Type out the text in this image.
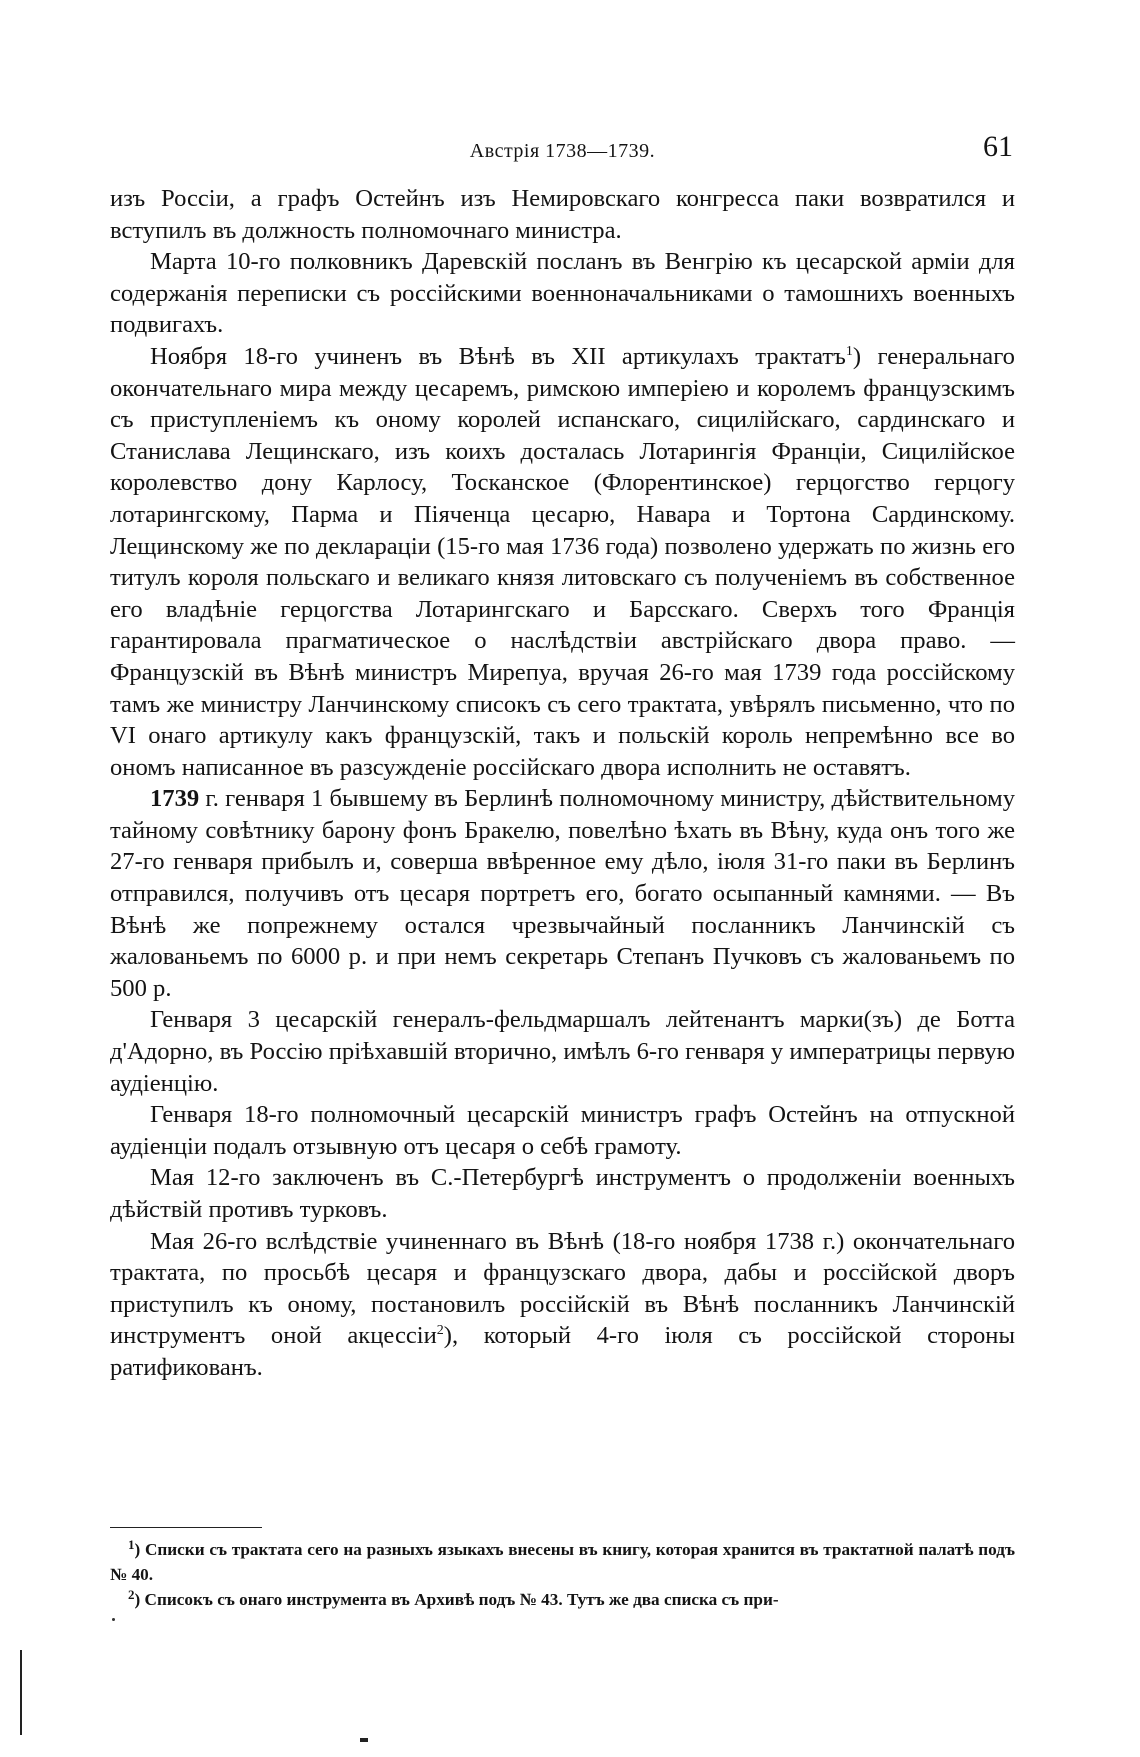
Австрія 1738—1739.	61

изъ Россіи, а графъ Остейнъ изъ Немировскаго конгресса паки возвратился и вступилъ въ должность полномочнаго министра.

Марта 10-го полковникъ Даревскій посланъ въ Венгрію къ цесарской арміи для содержанія переписки съ россійскими военноначальниками о тамошнихъ военныхъ подвигахъ.

Ноября 18-го учиненъ въ Вѣнѣ въ XII артикулахъ трактатъ$^1$) генеральнаго окончательнаго мира между цесаремъ, римскою имперіею и королемъ французскимъ съ приступленіемъ къ оному королей испанскаго, сицилійскаго, сардинскаго и Станислава Лещинскаго, изъ коихъ досталась Лотарингія Франціи, Сицилійское королевство дону Карлосу, Тосканское (Флорентинское) герцогство герцогу лотарингскому, Парма и Піяченца цесарю, Навара и Тортона Сардинскому. Лещинскому же по деклараціи (15-го мая 1736 года) позволено удержать по жизнь его титулъ короля польскаго и великаго князя литовскаго съ полученіемъ въ собственное его владѣніе герцогства Лотарингскаго и Барсскаго. Сверхъ того Франція гарантировала прагматическое о наслѣдствіи австрійскаго двора право. — Французскій въ Вѣнѣ министръ Мирепуа, вручая 26-го мая 1739 года россійскому тамъ же министру Ланчинскому списокъ съ сего трактата, увѣрялъ письменно, что по VI онаго артикулу какъ французскій, такъ и польскій король непремѣнно все во ономъ написанное въ разсужденіе россійскаго двора исполнить не оставятъ.

1739 г. генваря 1 бывшему въ Берлинѣ полномочному министру, дѣйствительному тайному совѣтнику барону фонъ Бракелю, повелѣно ѣхать въ Вѣну, куда онъ того же 27-го генваря прибылъ и, соверша ввѣренное ему дѣло, іюля 31-го паки въ Берлинъ отправился, получивъ отъ цесаря портретъ его, богато осыпанный камнями. — Въ Вѣнѣ же попрежнему остался чрезвычайный посланникъ Ланчинскій съ жалованьемъ по 6000 р. и при немъ секретарь Степанъ Пучковъ съ жалованьемъ по 500 р.

Генваря 3 цесарскій генералъ-фельдмаршалъ лейтенантъ марки(зъ) де Ботта д'Адорно, въ Россію пріѣхавшій вторично, имѣлъ 6-го генваря у императрицы первую аудіенцію.

Генваря 18-го полномочный цесарскій министръ графъ Остейнъ на отпускной аудіенціи подалъ отзывную отъ цесаря о себѣ грамоту.

Мая 12-го заключенъ въ С.-Петербургѣ инструментъ о продолженіи военныхъ дѣйствій противъ турковъ.

Мая 26-го вслѣдствіе учиненнаго въ Вѣнѣ (18-го ноября 1738 г.) окончательнаго трактата, по просьбѣ цесаря и французскаго двора, дабы и россійской дворъ приступилъ къ оному, постановилъ россійскій въ Вѣнѣ посланникъ Ланчинскій инструментъ оной акцессіи$^2$), который 4-го іюля съ россійской стороны ратификованъ.

$^1$) Списки съ трактата сего на разныхъ языкахъ внесены въ книгу, которая хранится въ трактатной палатѣ подъ № 40.

$^2$) Списокъ съ онаго инструмента въ Архивѣ подъ № 43. Тутъ же два списка съ при-
